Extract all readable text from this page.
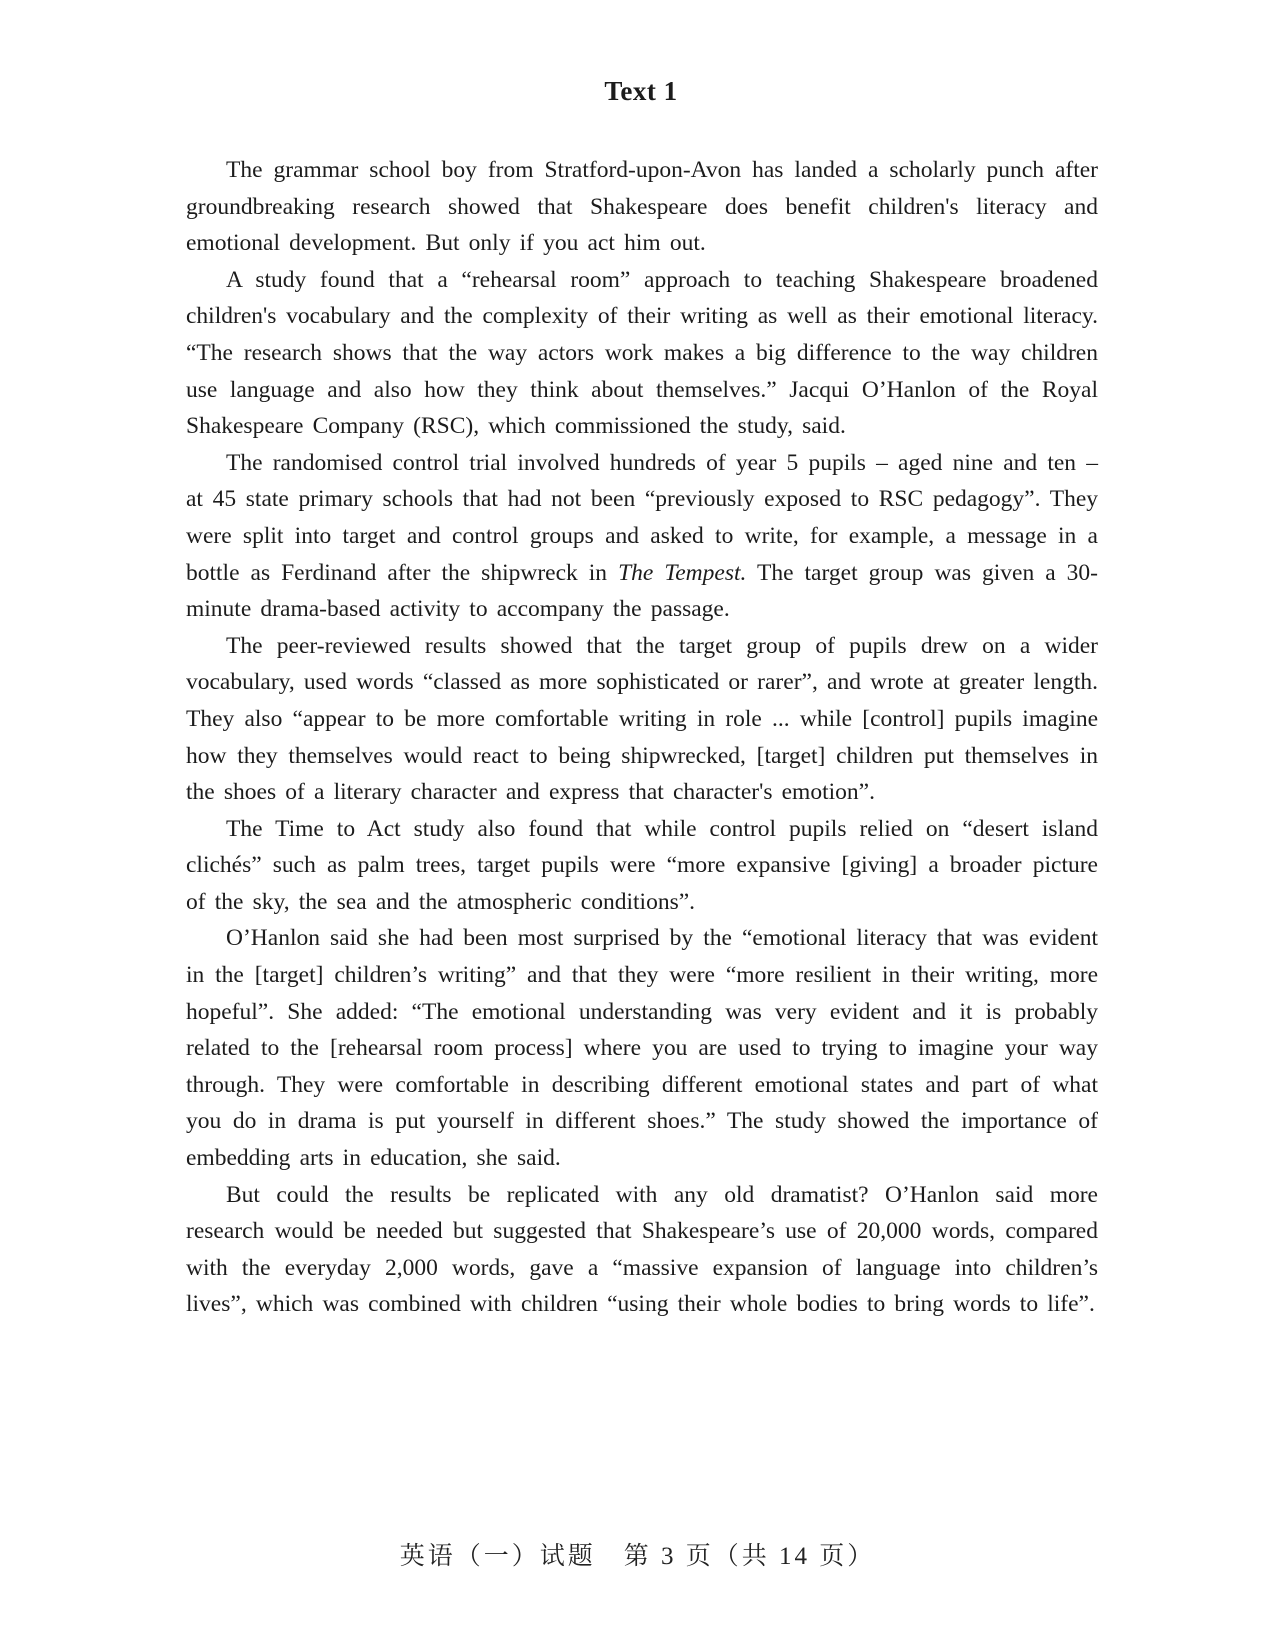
Text 1

The grammar school boy from Stratford-upon-Avon has landed a scholarly punch after groundbreaking research showed that Shakespeare does benefit children's literacy and emotional development. But only if you act him out.

A study found that a “rehearsal room” approach to teaching Shakespeare broadened children's vocabulary and the complexity of their writing as well as their emotional literacy. “The research shows that the way actors work makes a big difference to the way children use language and also how they think about themselves.” Jacqui O’Hanlon of the Royal Shakespeare Company (RSC), which commissioned the study, said.

The randomised control trial involved hundreds of year 5 pupils – aged nine and ten – at 45 state primary schools that had not been “previously exposed to RSC pedagogy”. They were split into target and control groups and asked to write, for example, a message in a bottle as Ferdinand after the shipwreck in The Tempest. The target group was given a 30-minute drama-based activity to accompany the passage.

The peer-reviewed results showed that the target group of pupils drew on a wider vocabulary, used words “classed as more sophisticated or rarer”, and wrote at greater length. They also “appear to be more comfortable writing in role ... while [control] pupils imagine how they themselves would react to being shipwrecked, [target] children put themselves in the shoes of a literary character and express that character's emotion”.

The Time to Act study also found that while control pupils relied on “desert island clichés” such as palm trees, target pupils were “more expansive [giving] a broader picture of the sky, the sea and the atmospheric conditions”.

O’Hanlon said she had been most surprised by the “emotional literacy that was evident in the [target] children’s writing” and that they were “more resilient in their writing, more hopeful”. She added: “The emotional understanding was very evident and it is probably related to the [rehearsal room process] where you are used to trying to imagine your way through. They were comfortable in describing different emotional states and part of what you do in drama is put yourself in different shoes.” The study showed the importance of embedding arts in education, she said.

But could the results be replicated with any old dramatist? O’Hanlon said more research would be needed but suggested that Shakespeare’s use of 20,000 words, compared with the everyday 2,000 words, gave a “massive expansion of language into children’s lives”, which was combined with children “using their whole bodies to bring words to life”.

英语（一）试题　第 3 页（共 14 页）
